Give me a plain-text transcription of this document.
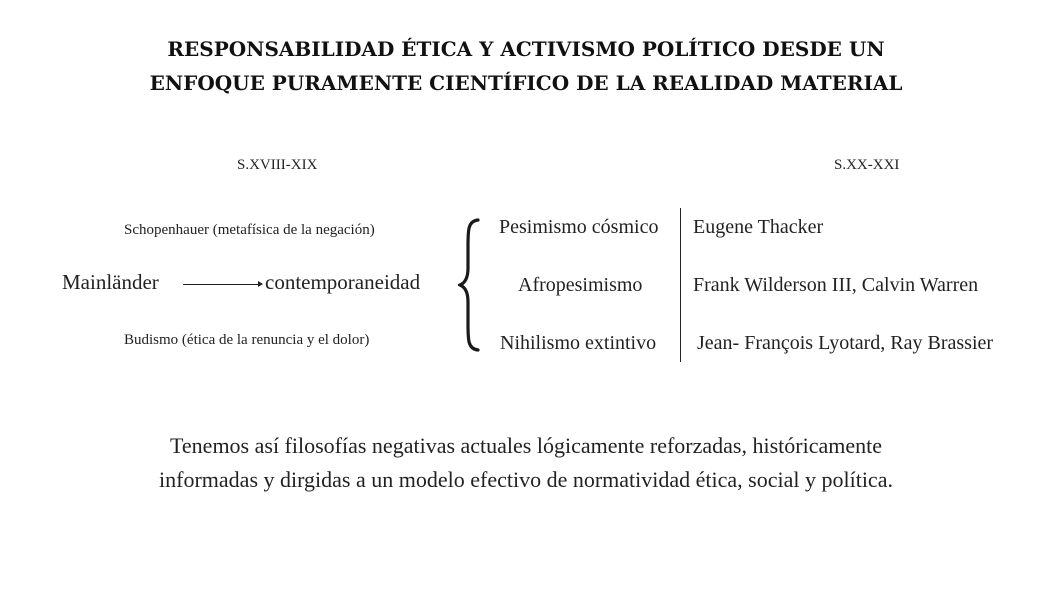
RESPONSABILIDAD ÉTICA Y ACTIVISMO POLÍTICO DESDE UN
ENFOQUE PURAMENTE CIENTÍFICO DE LA REALIDAD MATERIAL
S.XVIII-XIX	S.XX-XXI
Schopenhauer (metafísica de la negación)
Budismo (ética de la renuncia y el dolor)
Mainländer	contemporaneidad
Pesimismo cósmico
Afropesimismo
Nihilismo extintivo
Eugene Thacker
Frank Wilderson III, Calvin Warren
Jean- François Lyotard, Ray Brassier
Tenemos así filosofías negativas actuales lógicamente reforzadas, históricamente
informadas y dirgidas a un modelo efectivo de normatividad ética, social y política.
